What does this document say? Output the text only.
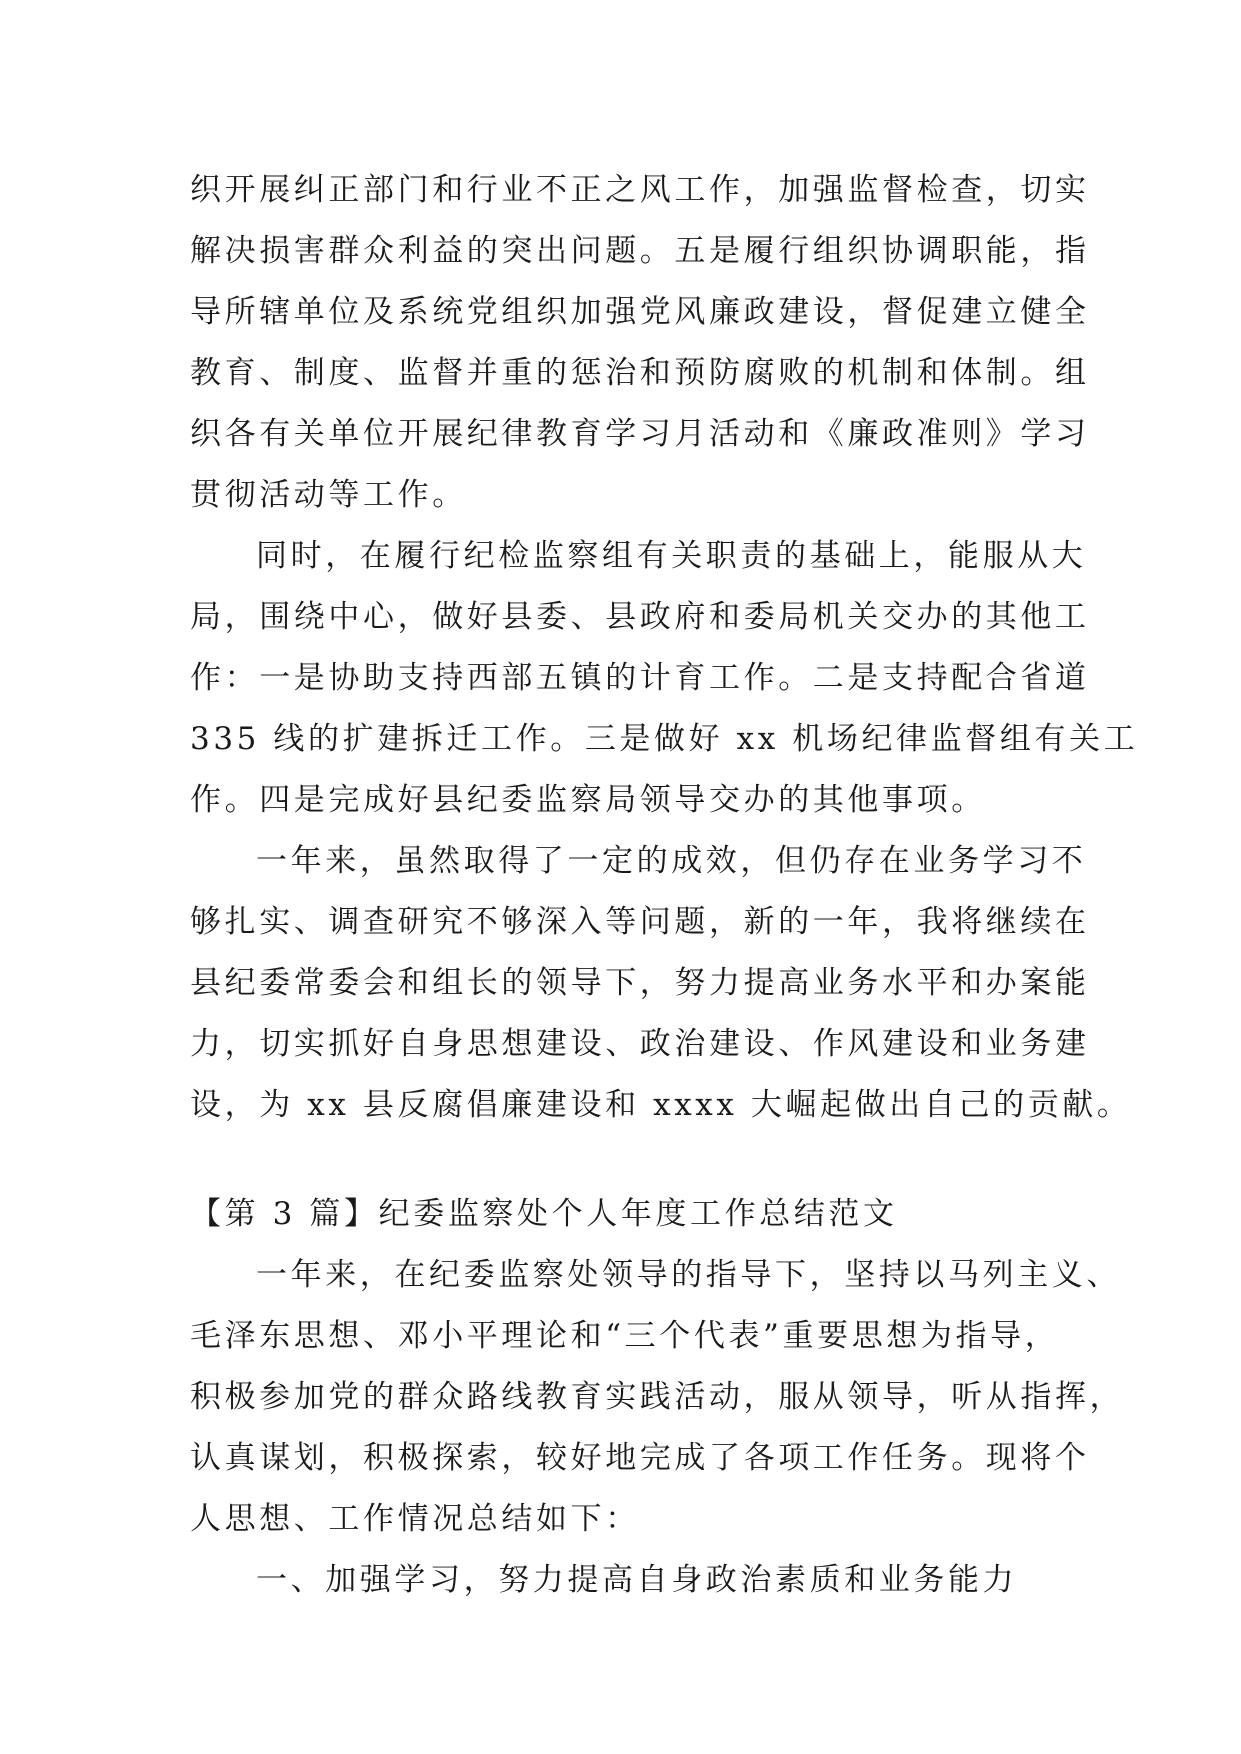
织开展纠正部门和行业不正之风工作，加强监督检查，切实
解决损害群众利益的突出问题。五是履行组织协调职能，指
导所辖单位及系统党组织加强党风廉政建设，督促建立健全
教育、制度、监督并重的惩治和预防腐败的机制和体制。组
织各有关单位开展纪律教育学习月活动和《廉政准则》学习
贯彻活动等工作。
同时，在履行纪检监察组有关职责的基础上，能服从大
局，围绕中心，做好县委、县政府和委局机关交办的其他工
作：一是协助支持西部五镇的计育工作。二是支持配合省道
335 线的扩建拆迁工作。三是做好 xx 机场纪律监督组有关工
作。四是完成好县纪委监察局领导交办的其他事项。
一年来，虽然取得了一定的成效，但仍存在业务学习不
够扎实、调查研究不够深入等问题，新的一年，我将继续在
县纪委常委会和组长的领导下，努力提高业务水平和办案能
力，切实抓好自身思想建设、政治建设、作风建设和业务建
设，为 xx 县反腐倡廉建设和 xxxx 大崛起做出自己的贡献。
【第 3 篇】纪委监察处个人年度工作总结范文
一年来，在纪委监察处领导的指导下，坚持以马列主义、
毛泽东思想、邓小平理论和“三个代表”重要思想为指导，
积极参加党的群众路线教育实践活动，服从领导，听从指挥，
认真谋划，积极探索，较好地完成了各项工作任务。现将个
人思想、工作情况总结如下：
一、加强学习，努力提高自身政治素质和业务能力
